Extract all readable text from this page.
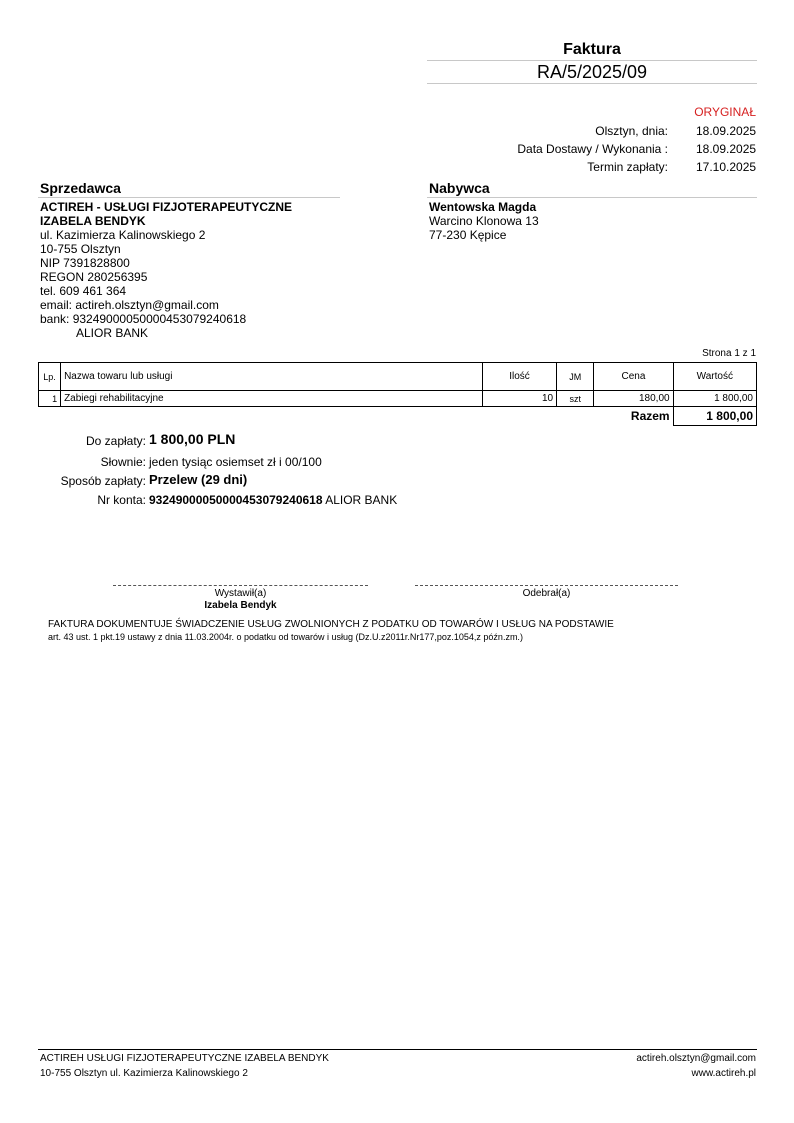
Faktura
RA/5/2025/09
ORYGINAŁ
Olsztyn, dnia: 18.09.2025
Data Dostawy / Wykonania : 18.09.2025
Termin zapłaty: 17.10.2025
Sprzedawca
ACTIREH - USŁUGI FIZJOTERAPEUTYCZNE
IZABELA BENDYK
ul. Kazimierza Kalinowskiego 2
10-755 Olsztyn
NIP 7391828800
REGON 280256395
tel. 609 461 364
email: actireh.olsztyn@gmail.com
bank: 93249000050000453079240618
ALIOR BANK
Nabywca
Wentowska Magda
Warcino Klonowa 13
77-230 Kępice
Strona 1 z 1
Lp.	Nazwa towaru lub usługi	Ilość	JM	Cena	Wartość
1	Zabiegi rehabilitacyjne	10	szt	180,00	1 800,00
				Razem	1 800,00
Do zapłaty: 1 800,00 PLN
Słownie: jeden tysiąc osiemset zł i 00/100
Sposób zapłaty: Przelew (29 dni)
Nr konta: 93249000050000453079240618 ALIOR BANK
Wystawił(a)
Izabela Bendyk
Odebrał(a)
FAKTURA DOKUMENTUJE ŚWIADCZENIE USŁUG ZWOLNIONYCH Z PODATKU OD TOWARÓW I USŁUG NA PODSTAWIE
art. 43 ust. 1 pkt.19 ustawy z dnia 11.03.2004r. o podatku od towarów i usług (Dz.U.z2011r.Nr177,poz.1054,z późn.zm.)
ACTIREH USŁUGI FIZJOTERAPEUTYCZNE IZABELA BENDYK
10-755 Olsztyn ul. Kazimierza Kalinowskiego 2
actireh.olsztyn@gmail.com
www.actireh.pl
